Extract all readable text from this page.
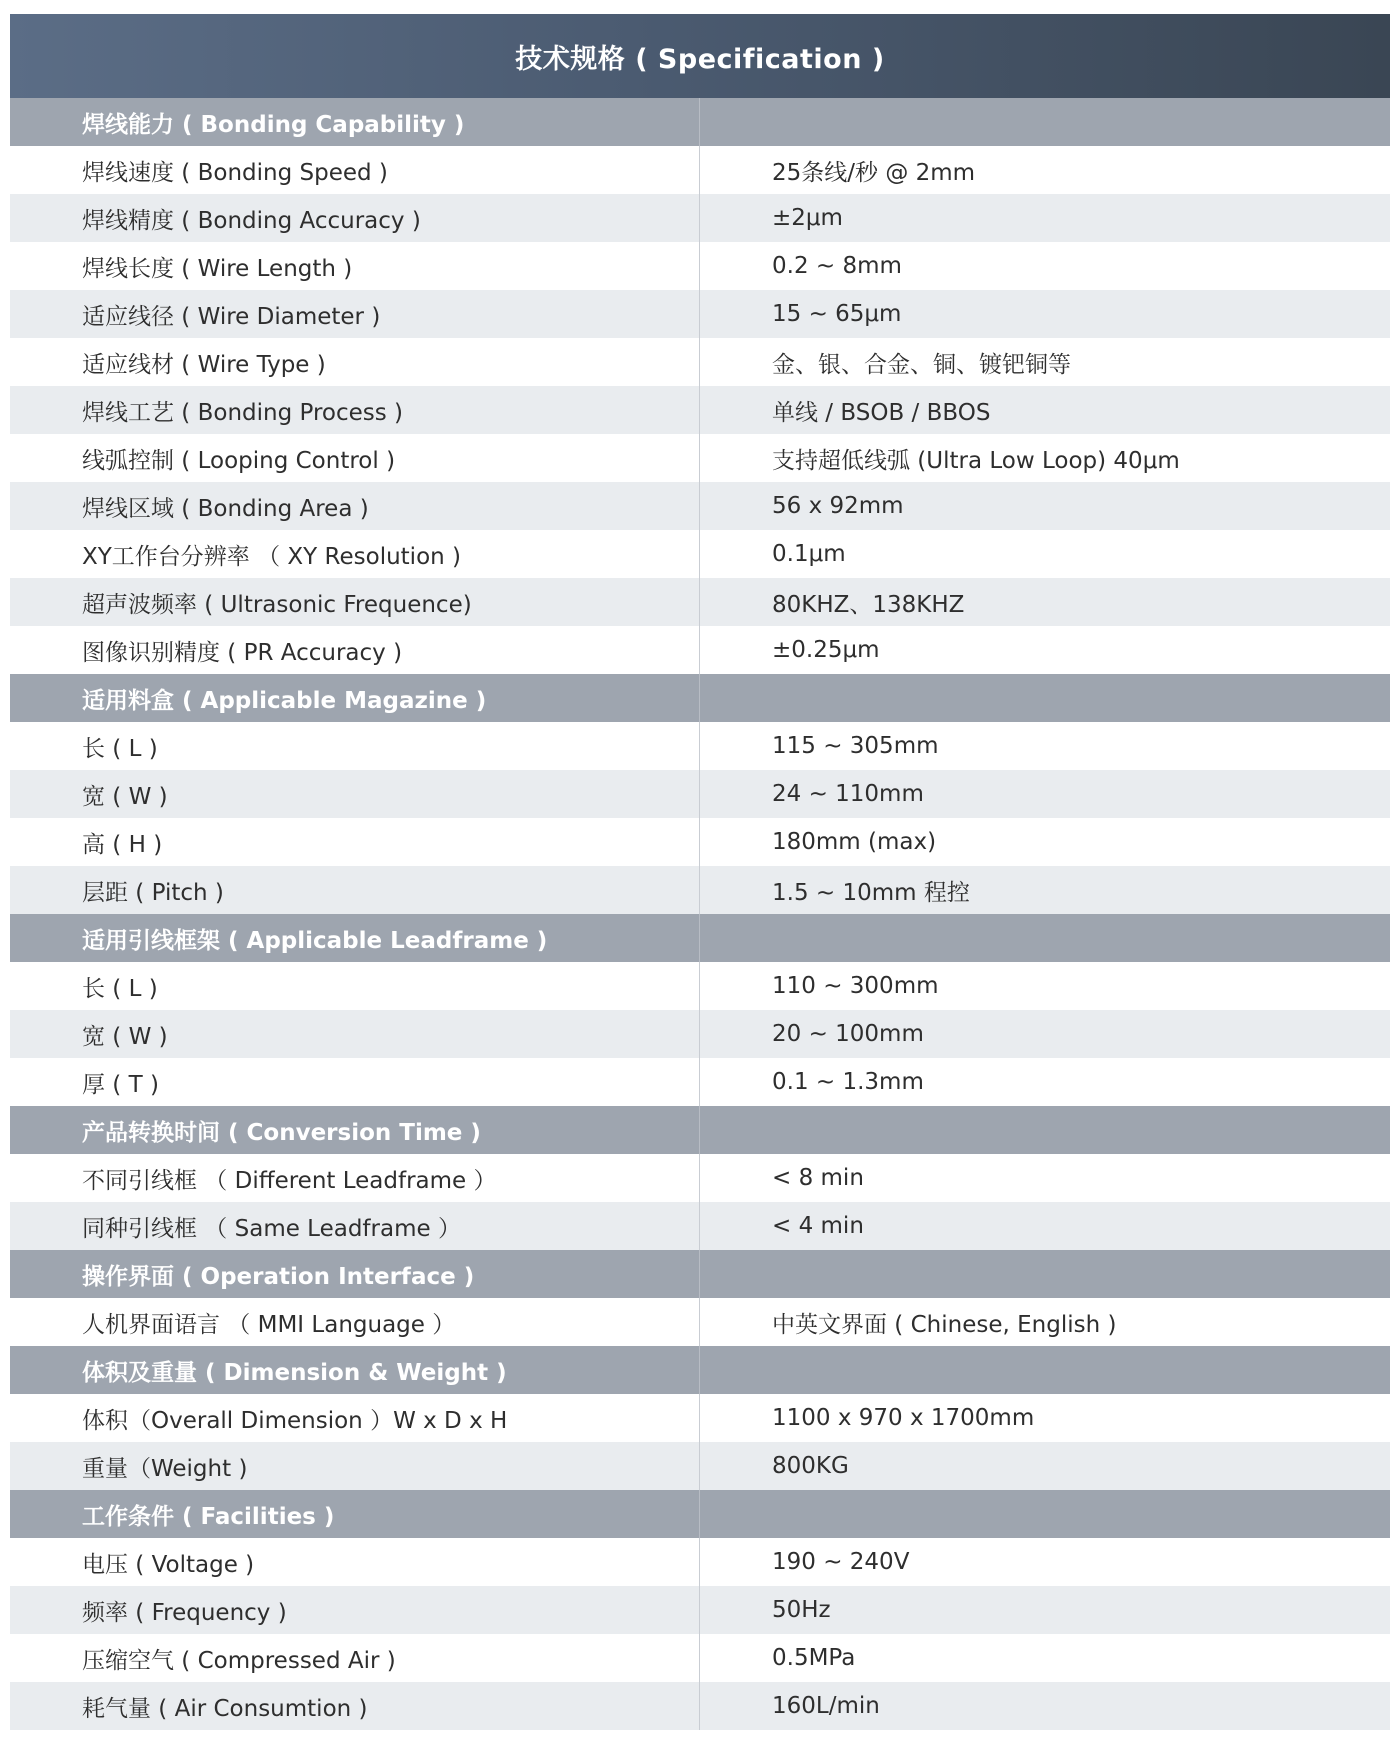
技术规格 ( Specification )
焊线能力 ( Bonding Capability )
焊线速度 ( Bonding Speed )	25条线/秒 @ 2mm
焊线精度 ( Bonding Accuracy )	±2μm
焊线长度 ( Wire Length )	0.2 ~ 8mm
适应线径 ( Wire Diameter )	15 ~ 65μm
适应线材 ( Wire Type )	金、银、合金、铜、镀钯铜等
焊线工艺 ( Bonding Process )	单线 / BSOB / BBOS
线弧控制 ( Looping Control )	支持超低线弧 (Ultra Low Loop) 40μm
焊线区域 ( Bonding Area )	56 x 92mm
XY工作台分辨率 （ XY Resolution )	0.1μm
超声波频率 ( Ultrasonic Frequence)	80KHZ、138KHZ
图像识别精度 ( PR Accuracy )	±0.25μm
适用料盒 ( Applicable Magazine )
长 ( L )	115 ~ 305mm
宽 ( W )	24 ~ 110mm
高 ( H )	180mm (max)
层距 ( Pitch )	1.5 ~ 10mm 程控
适用引线框架 ( Applicable Leadframe )
长 ( L )	110 ~ 300mm
宽 ( W )	20 ~ 100mm
厚 ( T )	0.1 ~ 1.3mm
产品转换时间 ( Conversion Time )
不同引线框 （ Different Leadframe ）	< 8 min
同种引线框 （ Same Leadframe ）	< 4 min
操作界面 ( Operation Interface )
人机界面语言 （ MMI Language ）	中英文界面 ( Chinese, English )
体积及重量 ( Dimension & Weight )
体积（Overall Dimension ）W x D x H	1100 x 970 x 1700mm
重量（Weight )	800KG
工作条件 ( Facilities )
电压 ( Voltage )	190 ~ 240V
频率 ( Frequency )	50Hz
压缩空气 ( Compressed Air )	0.5MPa
耗气量 ( Air Consumtion )	160L/min
